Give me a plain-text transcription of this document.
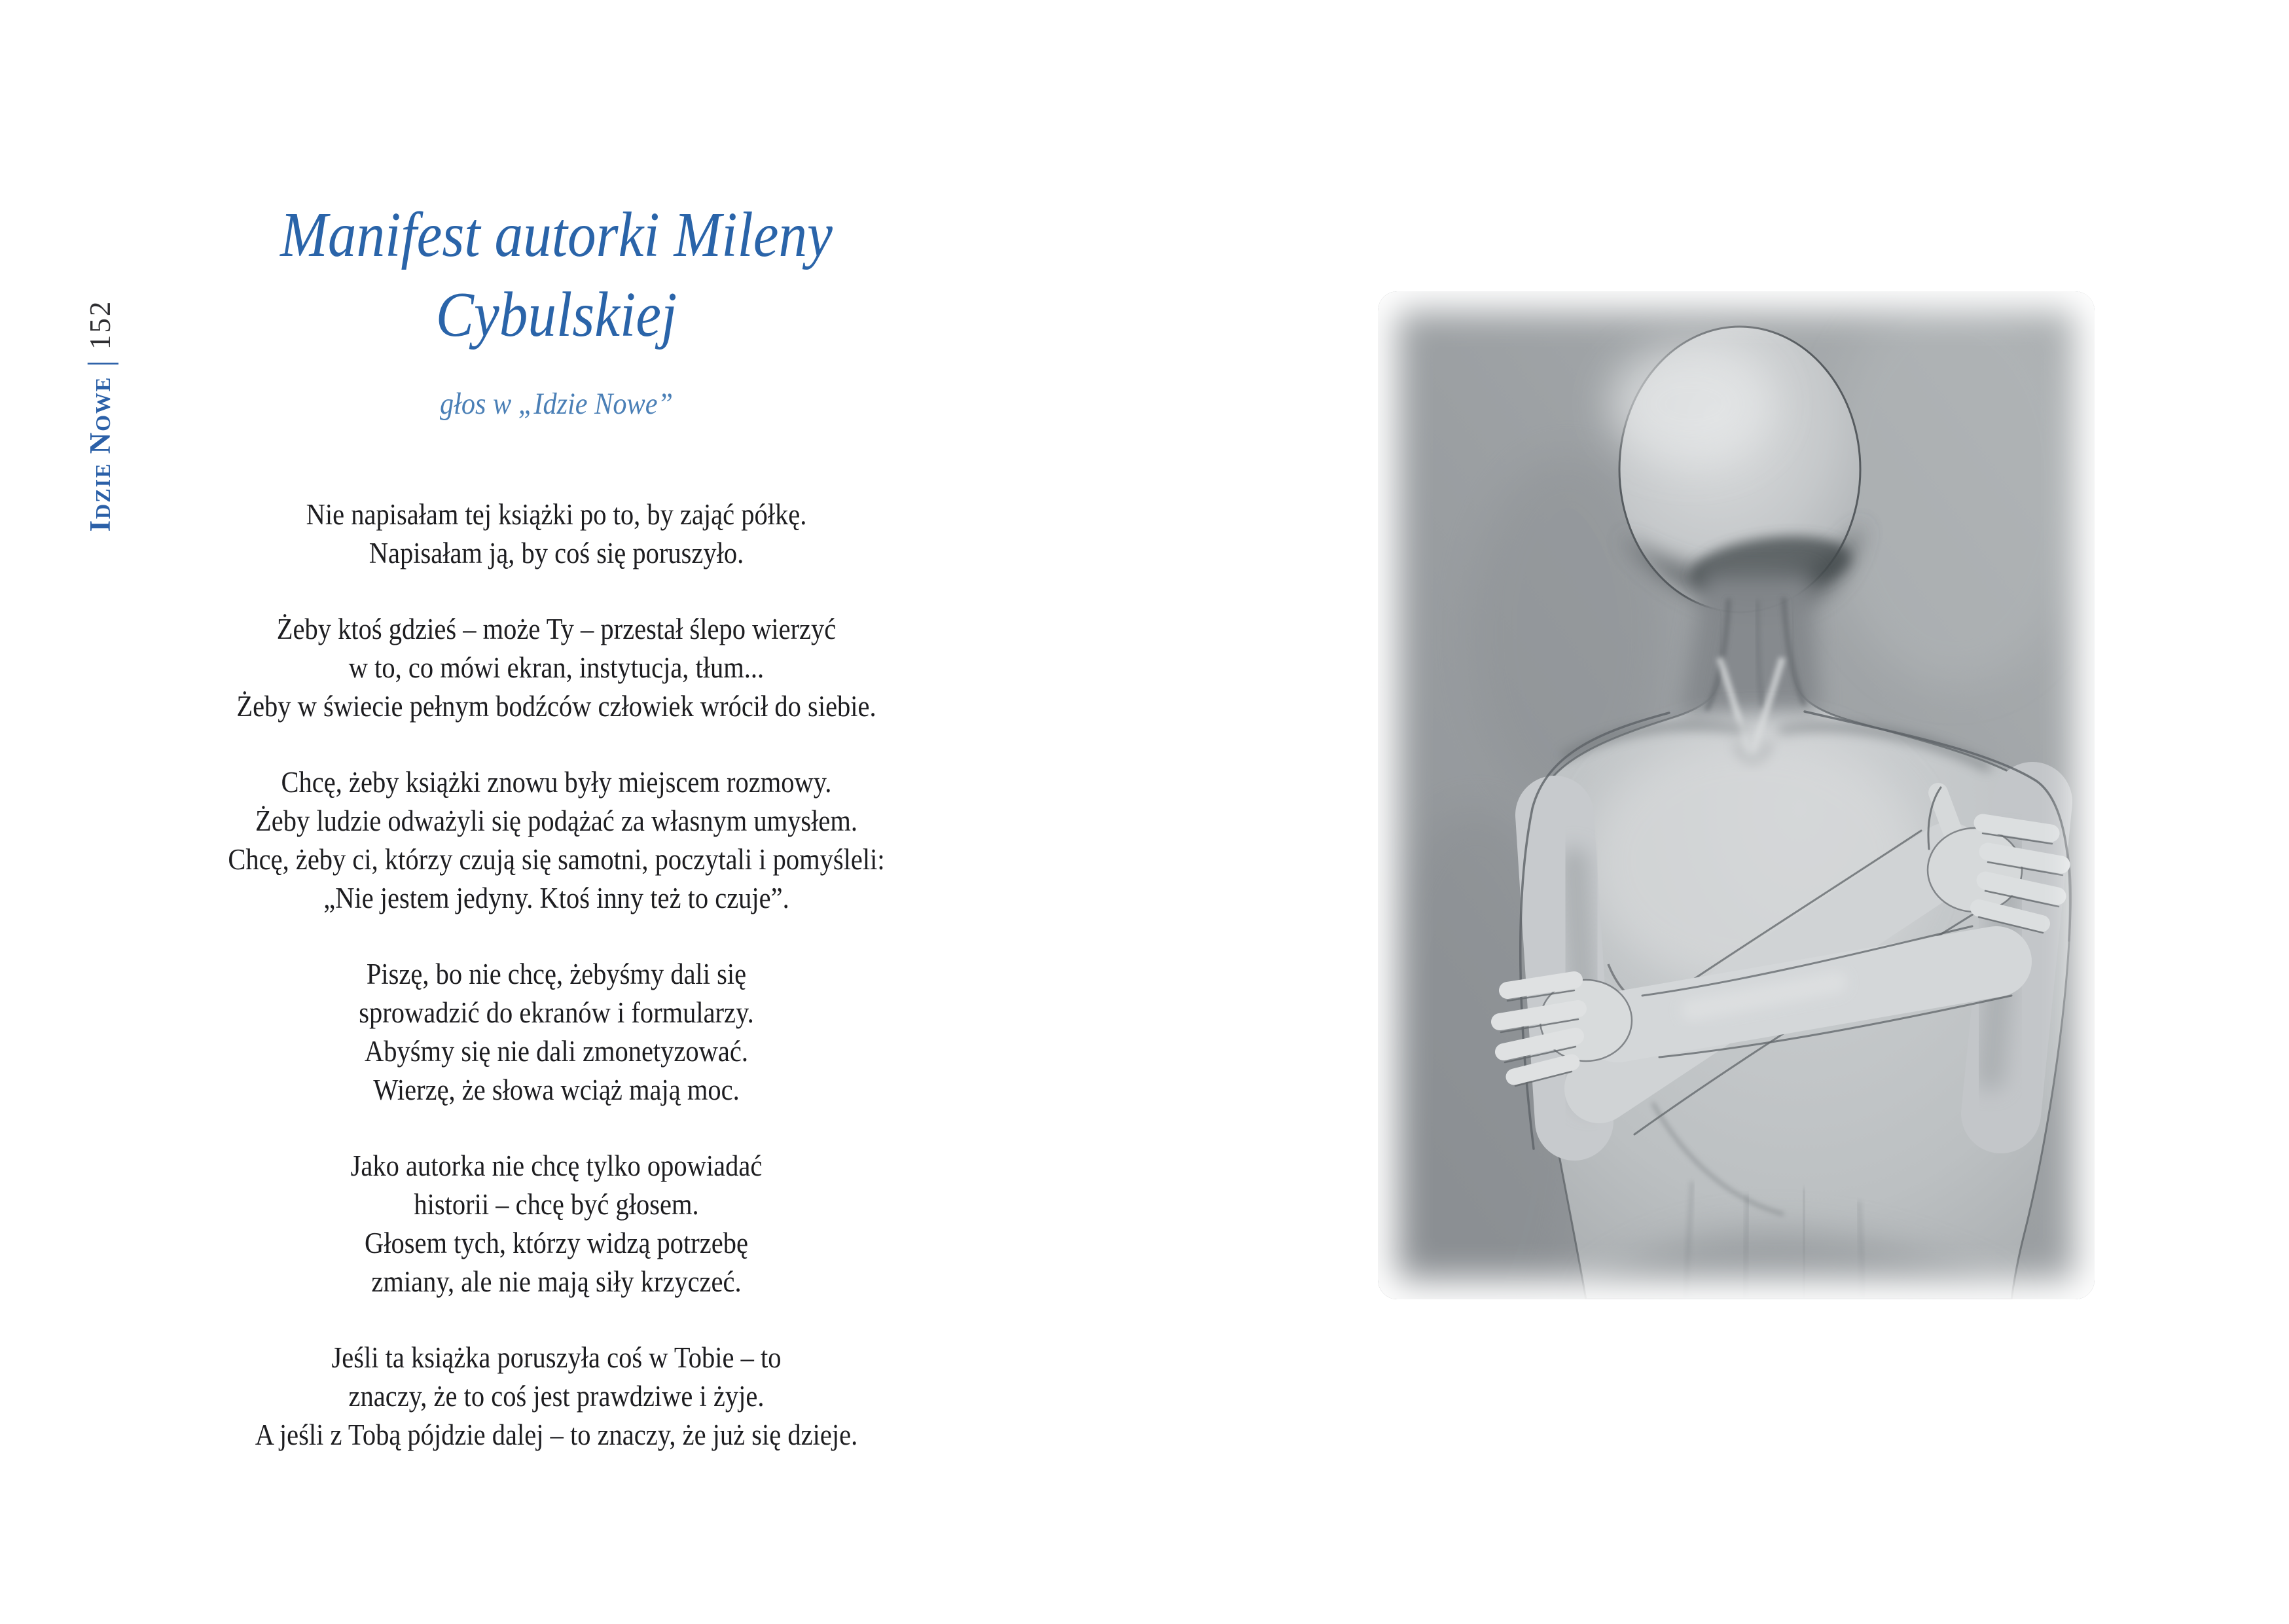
Idzie Nowe|152
Manifest autorki Mileny
Cybulskiej
głos w „Idzie Nowe”

Nie napisałam tej książki po to, by zająć półkę.
Napisałam ją, by coś się poruszyło.

Żeby ktoś gdzieś – może Ty – przestał ślepo wierzyć
w to, co mówi ekran, instytucja, tłum...
Żeby w świecie pełnym bodźców człowiek wrócił do siebie.

Chcę, żeby książki znowu były miejscem rozmowy.
Żeby ludzie odważyli się podążać za własnym umysłem.
Chcę, żeby ci, którzy czują się samotni, poczytali i pomyśleli:
„Nie jestem jedyny. Ktoś inny też to czuje”.

Piszę, bo nie chcę, żebyśmy dali się
sprowadzić do ekranów i formularzy.
Abyśmy się nie dali zmonetyzować.
Wierzę, że słowa wciąż mają moc.

Jako autorka nie chcę tylko opowiadać
historii – chcę być głosem.
Głosem tych, którzy widzą potrzebę
zmiany, ale nie mają siły krzyczeć.

Jeśli ta książka poruszyła coś w Tobie – to
znaczy, że to coś jest prawdziwe i żyje.
A jeśli z Tobą pójdzie dalej – to znaczy, że już się dzieje.
